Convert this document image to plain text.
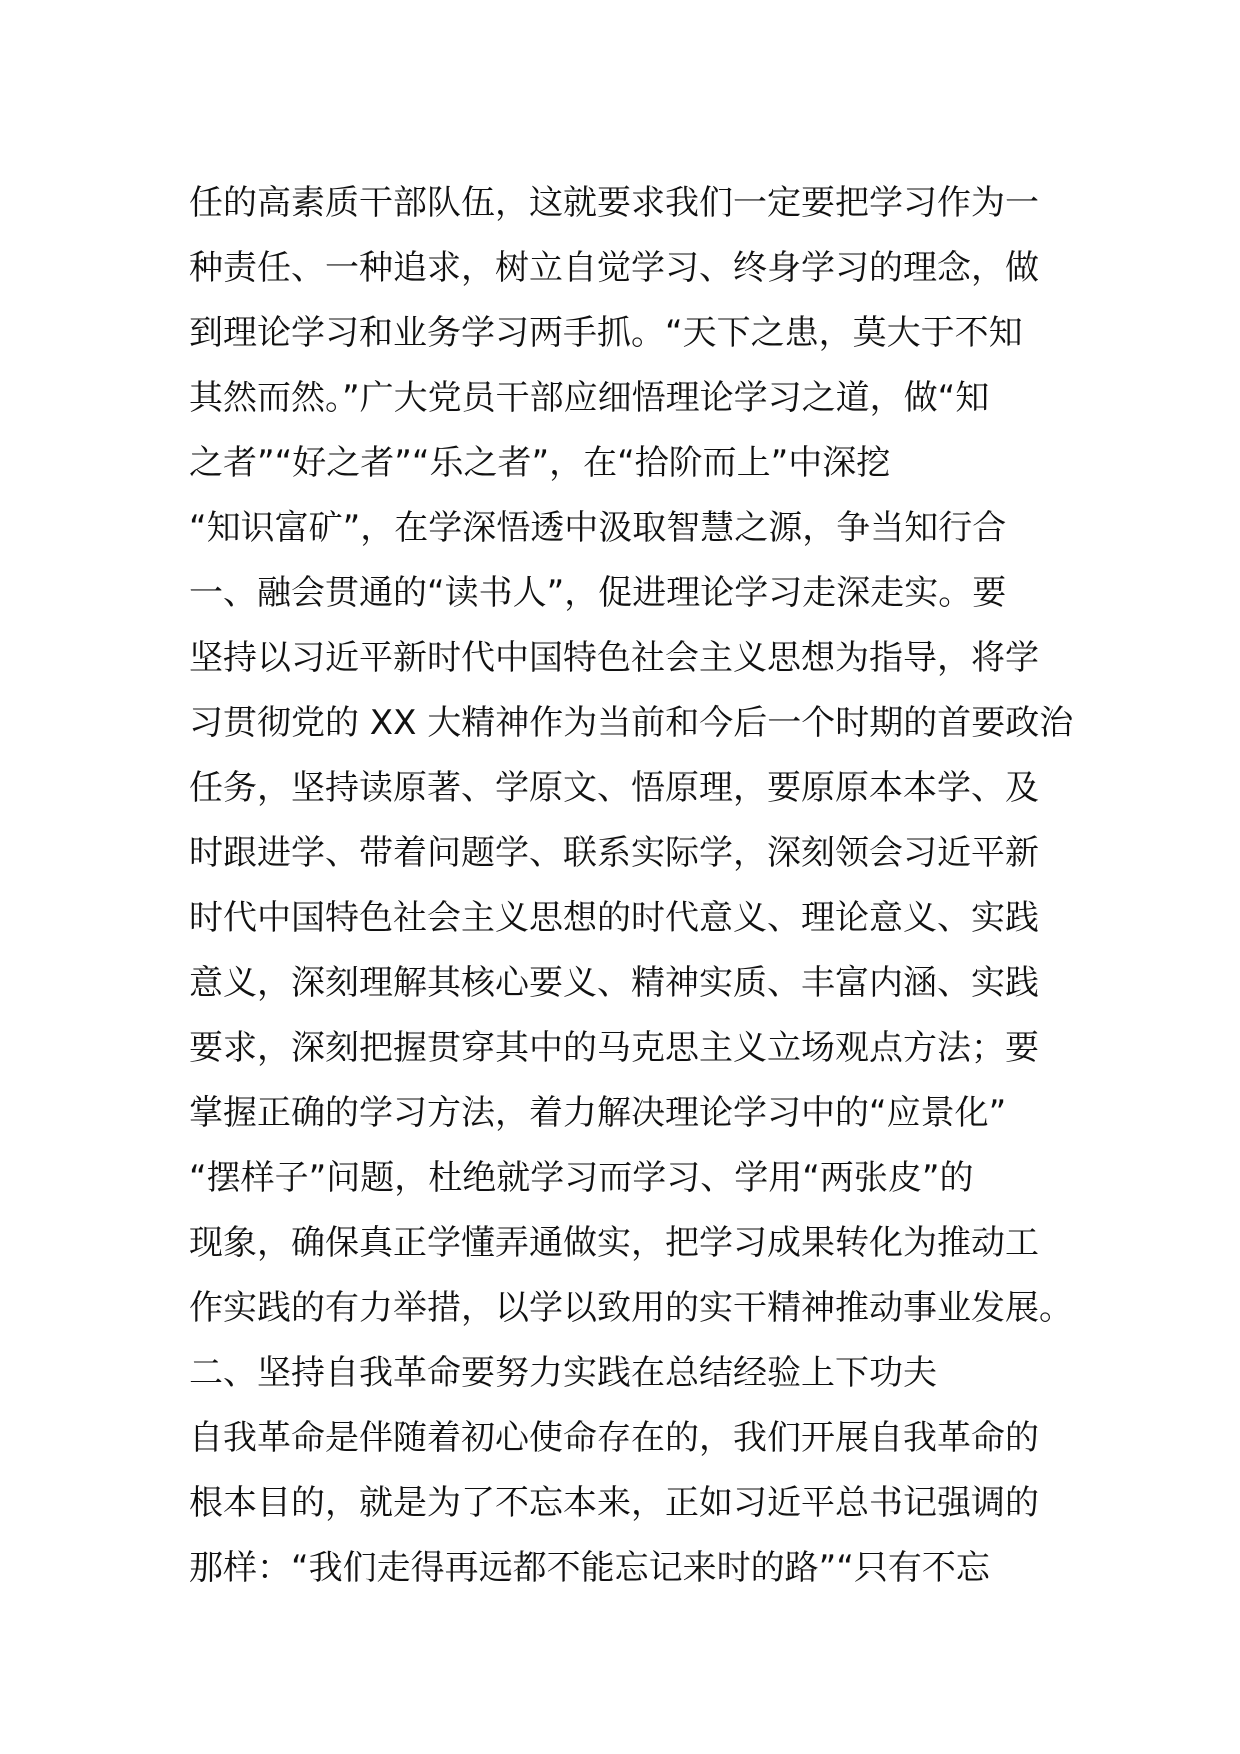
任的高素质干部队伍，这就要求我们一定要把学习作为一
种责任、一种追求，树立自觉学习、终身学习的理念，做
到理论学习和业务学习两手抓。“天下之患，莫大于不知
其然而然。”广大党员干部应细悟理论学习之道，做“知
之者”“好之者”“乐之者”，在“拾阶而上”中深挖
“知识富矿”，在学深悟透中汲取智慧之源，争当知行合
一、融会贯通的“读书人”，促进理论学习走深走实。要
坚持以习近平新时代中国特色社会主义思想为指导，将学
习贯彻党的 XX 大精神作为当前和今后一个时期的首要政治
任务，坚持读原著、学原文、悟原理，要原原本本学、及
时跟进学、带着问题学、联系实际学，深刻领会习近平新
时代中国特色社会主义思想的时代意义、理论意义、实践
意义，深刻理解其核心要义、精神实质、丰富内涵、实践
要求，深刻把握贯穿其中的马克思主义立场观点方法；要
掌握正确的学习方法，着力解决理论学习中的“应景化”
“摆样子”问题，杜绝就学习而学习、学用“两张皮”的
现象，确保真正学懂弄通做实，把学习成果转化为推动工
作实践的有力举措，以学以致用的实干精神推动事业发展。
二、坚持自我革命要努力实践在总结经验上下功夫
自我革命是伴随着初心使命存在的，我们开展自我革命的
根本目的，就是为了不忘本来，正如习近平总书记强调的
那样：“我们走得再远都不能忘记来时的路”“只有不忘
